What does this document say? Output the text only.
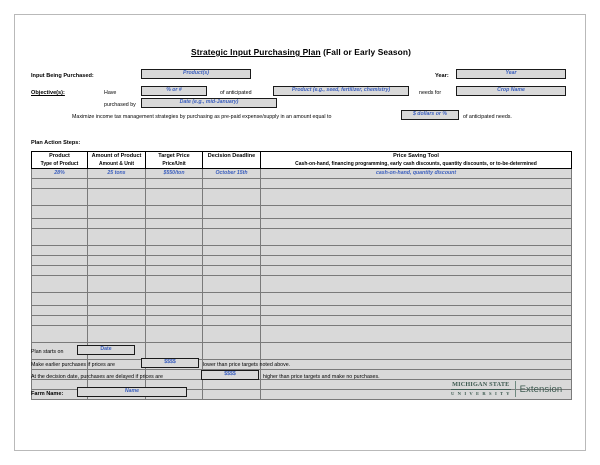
Strategic Input Purchasing Plan (Fall or Early Season)
Input Being Purchased:	Product(s)	Year:	Year
Objective(s):	Have	% or #	of anticipated	Product (e.g., seed, fertilizer, chemistry)	needs for	Crop Name
purchased by	Date (e.g., mid-January)
Maximize income tax management strategies by purchasing as pre-paid expense/supply in an amount equal to	$ dollars or %	of anticipated needs.
Plan Action Steps:
Product	Amount of Product	Target Price	Decision Deadline	Price Saving Tool
Type of Product	Amount & Unit	Price/Unit		Cash-on-hand, financing programming, early cash discounts, quantity discounts, or to-be-determined
28%	25 tons	$550/ton	October 15th	cash-on-hand, quantity discount

Plan starts on	Date
Make earlier purchases if prices are	$$$$	lower than price targets noted above.
At the decision date, purchases are delayed if prices are	$$$$	higher than price targets and make no purchases.
Farm Name:	Name
MICHIGAN STATE
U N I V E R S I T Y Extension
